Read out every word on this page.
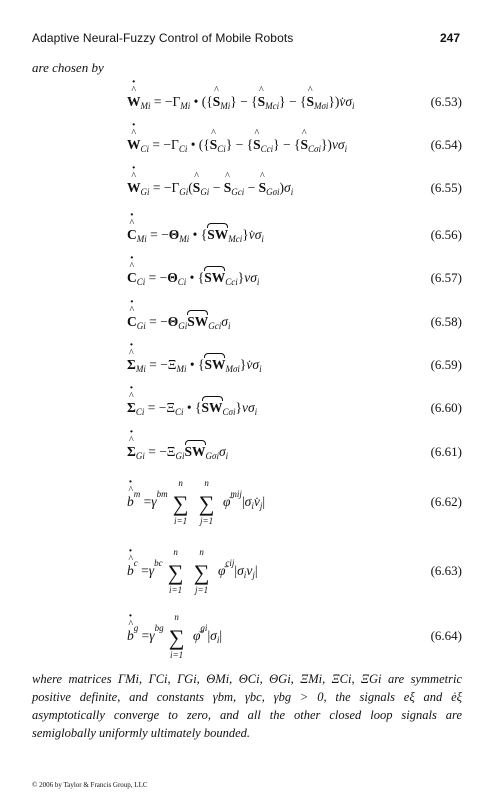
Adaptive Neural-Fuzzy Control of Mobile Robots	247
are chosen by
^ $W \cdot_{Mi} = -\Gamma_{Mi}$ • ({^ $S_{Mi}$} − {^ $S_{Mci}$} − {^ $S_{M\sigma i}\})v̇\sigma_i$	(6.53)
^ $W \cdot_{Ci} = -\Gamma_{Ci}$ • ({^ $S_{Ci}$} − {^ $S_{Cci}$} − {^ $S_{C\sigma i}\})v\sigma_i$	(6.54)
^ $W \cdot_{Gi}$ = $-\Gamma_{Gi}(\^{}$ $S_{Gi}$ − ^ $S_{Gci}$ − ^ $S_{G\sigma i})\sigma_i$	(6.55)
^ $C \cdot_{Mi} = -\Theta_{Mi}$ • $\{SW_{Mci}\}v̇\sigma_i$	(6.56)
^ $C \cdot_{Ci} = -\Theta_{Ci}$ • $\{SW_{Cci}\}v\sigma_i$	(6.57)
^ $C \cdot_{Gi} = -\Theta_{Gi}SW_{Gci}\sigma_i$	(6.58)
^ $\Sigma \cdot_{Mi} = -\Xi_{Mi}$ • $\{SW_{M\sigma i}\}v̇\sigma_i$	(6.59)
^ $\Sigma \cdot_{Ci} = -\Xi_{Ci}$ • $\{SW_{C\sigma i}\}v\sigma_i$	(6.60)
^ $\Sigma \cdot_{Gi} = -\Xi_{Gi}SW_{G\sigma i}\sigma_i$	(6.61)
^ b · m = γ bm
n
∑
i=1
n
∑
j=1

φ̄ mij | $\sigma_iv̇_j$ |	(6.62)
^ b · c = γ bc
n
∑
i=1
n
∑
j=1

φ̄ cij | $\sigma_iv_j$ |	(6.63)
^ b · g = γ bg
n
∑
i=1

φ̄ gi | $\sigma_i$ |	(6.64)
where matrices ΓMi, ΓCi, ΓGi, ΘMi, ΘCi, ΘGi, ΞMi, ΞCi, ΞGi are symmetric positive definite, and constants γbm, γbc, γbg > 0, the signals eξ and ėξ asymptotically converge to zero, and all the other closed loop signals are semiglobally uniformly ultimately bounded.
© 2006 by Taylor & Francis Group, LLC
